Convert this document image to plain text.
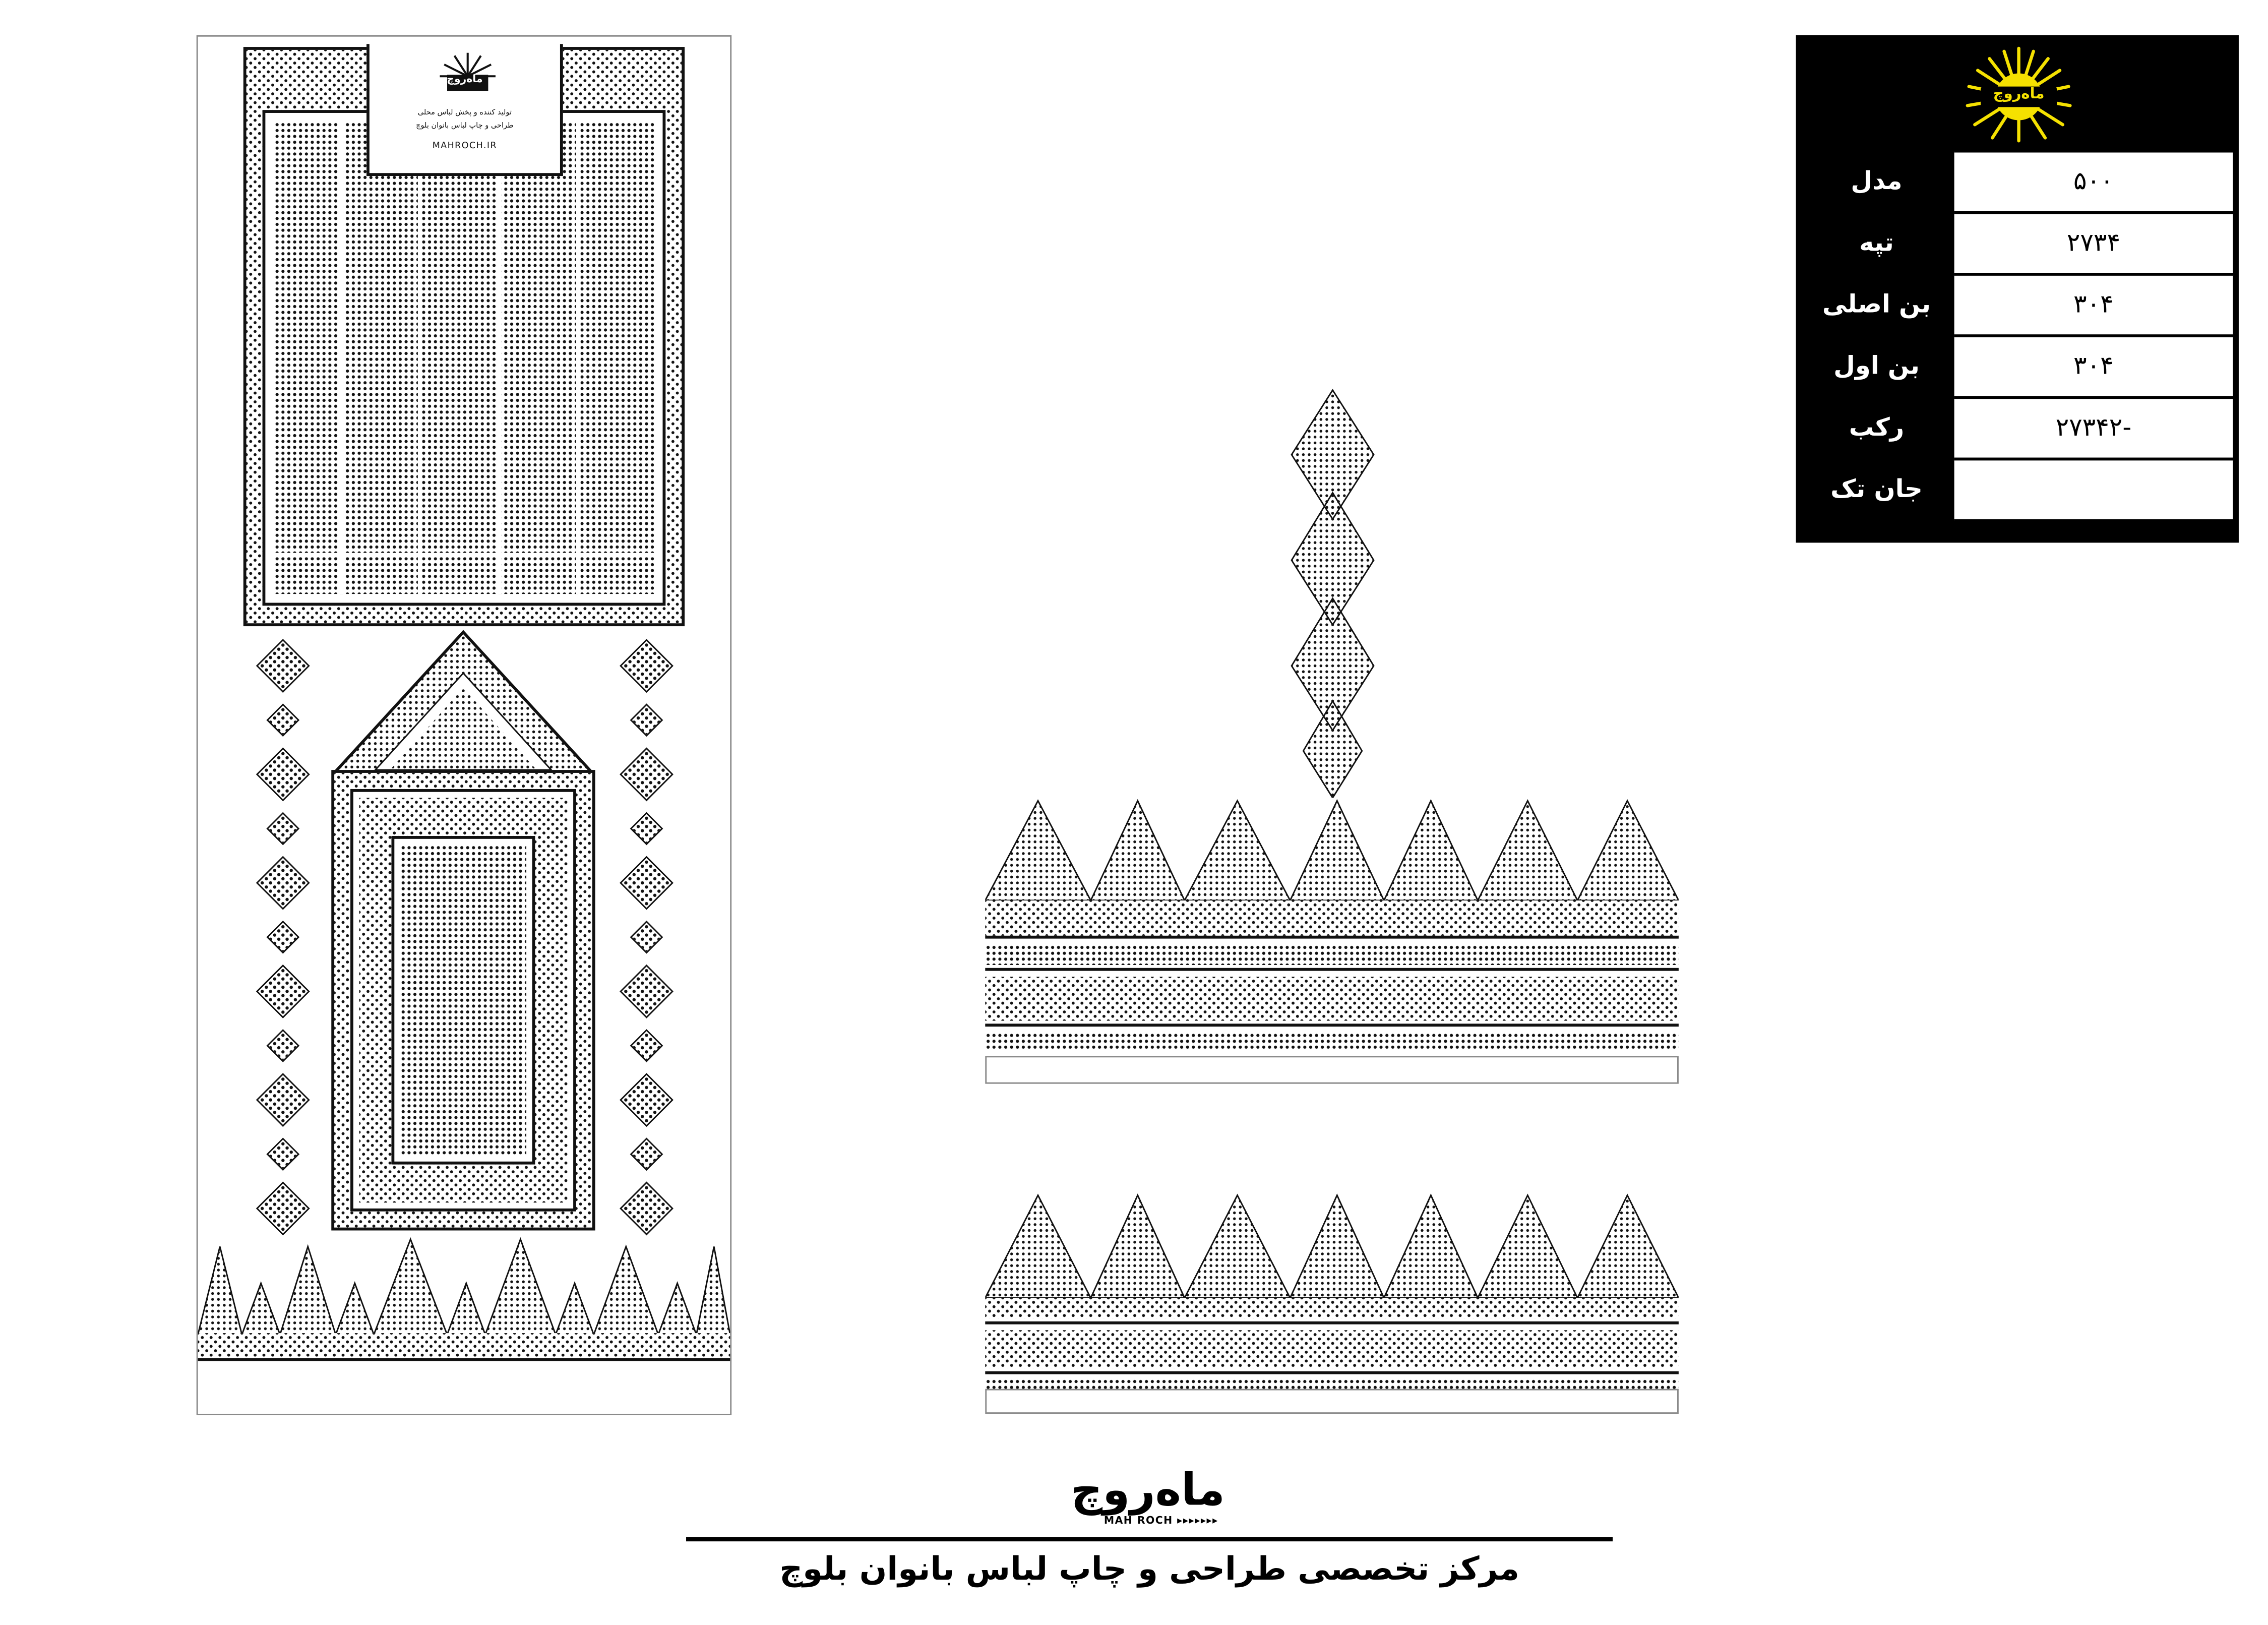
ماه‌روچ
تولید کننده و پخش لباس محلی
طراحی و چاپ لباس بانوان بلوچ
MAHROCH.IR
ماه‌روچ
مدل	۵۰۰
تپه	۲۷۳۴
بن اصلی	۳۰۴
بن اول	۳۰۴
رکب	۲۷۳۴۲-
جان تک	
ماه‌روچ
MAH ROCH ▸▸▸▸▸▸▸
مرکز تخصصی طراحی و چاپ لباس بانوان بلوچ
